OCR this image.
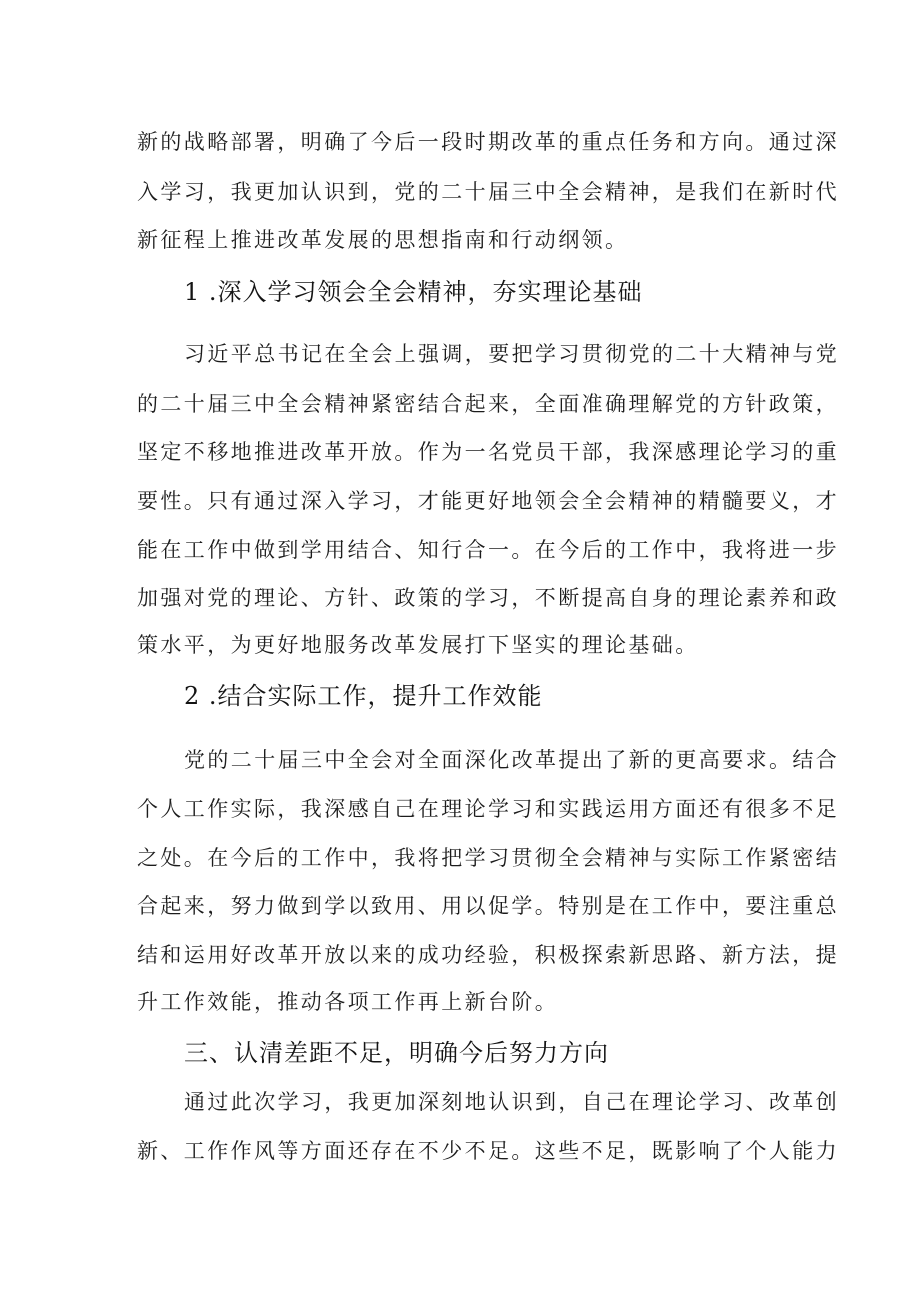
新的战略部署，明确了今后一段时期改革的重点任务和方向。通过深
入学习，我更加认识到，党的二十届三中全会精神，是我们在新时代
新征程上推进改革发展的思想指南和行动纲领。
1 .深入学习领会全会精神，夯实理论基础
习近平总书记在全会上强调，要把学习贯彻党的二十大精神与党
的二十届三中全会精神紧密结合起来，全面准确理解党的方针政策，
坚定不移地推进改革开放。作为一名党员干部，我深感理论学习的重
要性。只有通过深入学习，才能更好地领会全会精神的精髓要义，才
能在工作中做到学用结合、知行合一。在今后的工作中，我将进一步
加强对党的理论、方针、政策的学习，不断提高自身的理论素养和政
策水平，为更好地服务改革发展打下坚实的理论基础。
2 .结合实际工作，提升工作效能
党的二十届三中全会对全面深化改革提出了新的更高要求。结合
个人工作实际，我深感自己在理论学习和实践运用方面还有很多不足
之处。在今后的工作中，我将把学习贯彻全会精神与实际工作紧密结
合起来，努力做到学以致用、用以促学。特别是在工作中，要注重总
结和运用好改革开放以来的成功经验，积极探索新思路、新方法，提
升工作效能，推动各项工作再上新台阶。
三、认清差距不足，明确今后努力方向
通过此次学习，我更加深刻地认识到，自己在理论学习、改革创
新、工作作风等方面还存在不少不足。这些不足，既影响了个人能力
